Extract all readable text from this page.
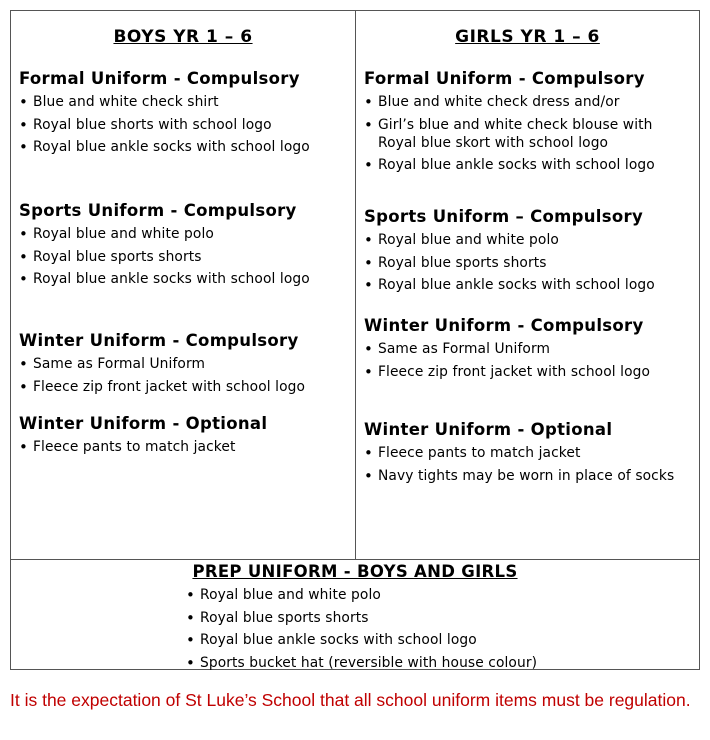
BOYS YR 1 – 6
Formal Uniform - Compulsory
• Blue and white check shirt
• Royal blue shorts with school logo
• Royal blue ankle socks with school logo
Sports Uniform - Compulsory
• Royal blue and white polo
• Royal blue sports shorts
• Royal blue ankle socks with school logo
Winter Uniform - Compulsory
• Same as Formal Uniform
• Fleece zip front jacket with school logo
Winter Uniform - Optional
• Fleece pants to match jacket
GIRLS YR 1 – 6
Formal Uniform - Compulsory
• Blue and white check dress and/or
• Girl’s blue and white check blouse with Royal blue skort with school logo
• Royal blue ankle socks with school logo
Sports Uniform – Compulsory
• Royal blue and white polo
• Royal blue sports shorts
• Royal blue ankle socks with school logo
Winter Uniform - Compulsory
• Same as Formal Uniform
• Fleece zip front jacket with school logo
Winter Uniform - Optional
• Fleece pants to match jacket
• Navy tights may be worn in place of socks
PREP UNIFORM - BOYS AND GIRLS
• Royal blue and white polo
• Royal blue sports shorts
• Royal blue ankle socks with school logo
• Sports bucket hat (reversible with house colour)
It is the expectation of St Luke’s School that all school uniform items must be regulation.
